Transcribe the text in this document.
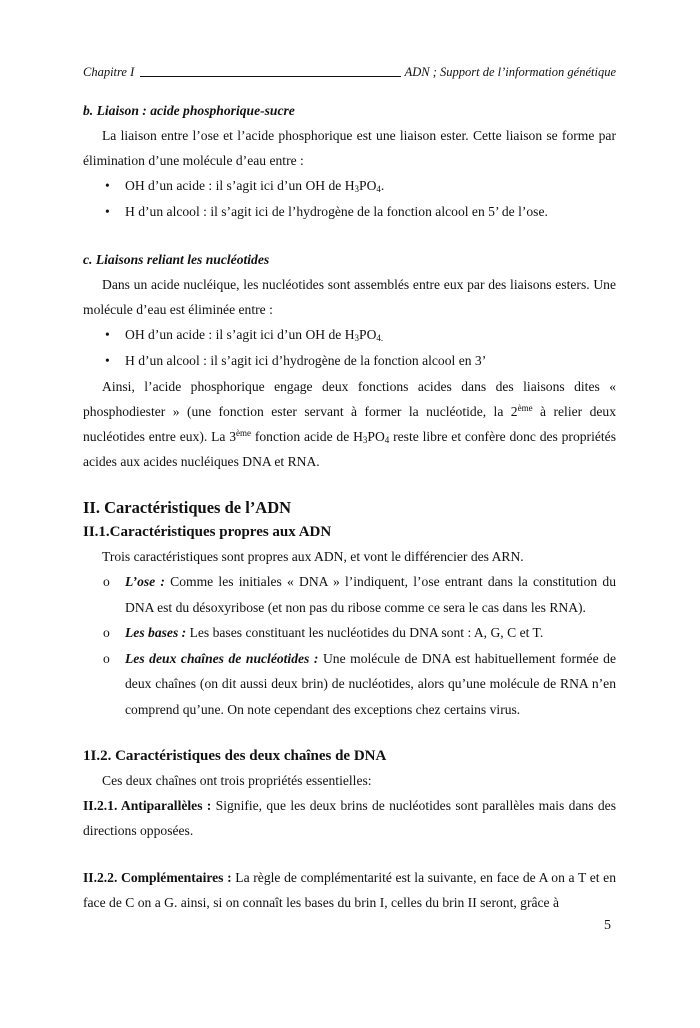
Chapitre I	ADN ; Support de l’information génétique
b. Liaison : acide phosphorique-sucre

La liaison entre l’ose et l’acide phosphorique est une liaison ester. Cette liaison se forme par élimination d’une molécule d’eau entre :

• OH d’un acide : il s’agit ici d’un OH de $H_3PO_4$.
• H d’un alcool : il s’agit ici de l’hydrogène de la fonction alcool en 5’ de l’ose.
c. Liaisons reliant les nucléotides

Dans un acide nucléique, les nucléotides sont assemblés entre eux par des liaisons esters. Une molécule d’eau est éliminée entre :

• OH d’un acide : il s’agit ici d’un OH de $H_3PO_{4.}$
• H d’un alcool : il s’agit ici d’hydrogène de la fonction alcool en 3’

Ainsi, l’acide phosphorique engage deux fonctions acides dans des liaisons dites « phosphodiester » (une fonction ester servant à former la nucléotide, la 2ème à relier deux nucléotides entre eux). La 3ème fonction acide de $H_3PO_4$ reste libre et confère donc des propriétés acides aux acides nucléiques DNA et RNA.

II. Caractéristiques de l’ADN
II.1.Caractéristiques propres aux ADN

Trois caractéristiques sont propres aux ADN, et vont le différencier des ARN.

o L’ose : Comme les initiales « DNA » l’indiquent, l’ose entrant dans la constitution du DNA est du désoxyribose (et non pas du ribose comme ce sera le cas dans les RNA).
o Les bases : Les bases constituant les nucléotides du DNA sont : A, G, C et T.
o Les deux chaînes de nucléotides : Une molécule de DNA est habituellement formée de deux chaînes (on dit aussi deux brin) de nucléotides, alors qu’une molécule de RNA n’en comprend qu’une. On note cependant des exceptions chez certains virus.
1I.2. Caractéristiques des deux chaînes de DNA

Ces deux chaînes ont trois propriétés essentielles:

II.2.1. Antiparallèles : Signifie, que les deux brins de nucléotides sont parallèles mais dans des directions opposées.

II.2.2. Complémentaires : La règle de complémentarité est la suivante, en face de A on a T et en face de C on a G. ainsi, si on connaît les bases du brin I, celles du brin II seront, grâce à

5
